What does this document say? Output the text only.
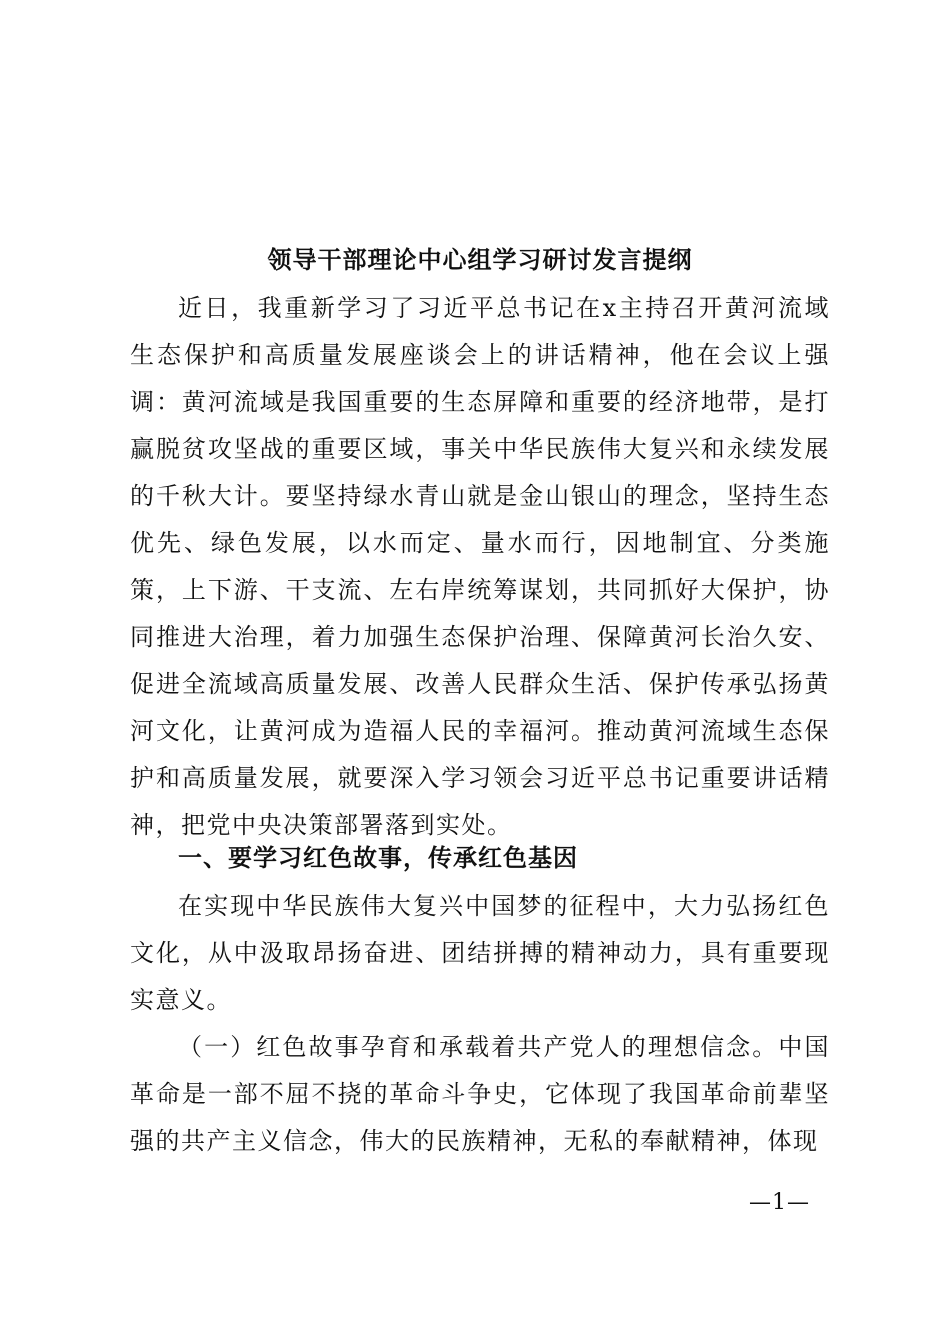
领导干部理论中心组学习研讨发言提纲

近日，我重新学习了习近平总书记在x主持召开黄河流域生态保护和高质量发展座谈会上的讲话精神，他在会议上强调：黄河流域是我国重要的生态屏障和重要的经济地带，是打赢脱贫攻坚战的重要区域，事关中华民族伟大复兴和永续发展的千秋大计。要坚持绿水青山就是金山银山的理念，坚持生态优先、绿色发展，以水而定、量水而行，因地制宜、分类施策，上下游、干支流、左右岸统筹谋划，共同抓好大保护，协同推进大治理，着力加强生态保护治理、保障黄河长治久安、促进全流域高质量发展、改善人民群众生活、保护传承弘扬黄河文化，让黄河成为造福人民的幸福河。推动黄河流域生态保护和高质量发展，就要深入学习领会习近平总书记重要讲话精神，把党中央决策部署落到实处。

一、要学习红色故事，传承红色基因

在实现中华民族伟大复兴中国梦的征程中，大力弘扬红色文化，从中汲取昂扬奋进、团结拼搏的精神动力，具有重要现实意义。

（一）红色故事孕育和承载着共产党人的理想信念。中国革命是一部不屈不挠的革命斗争史，它体现了我国革命前辈坚强的共产主义信念，伟大的民族精神，无私的奉献精神，体现

—1—
